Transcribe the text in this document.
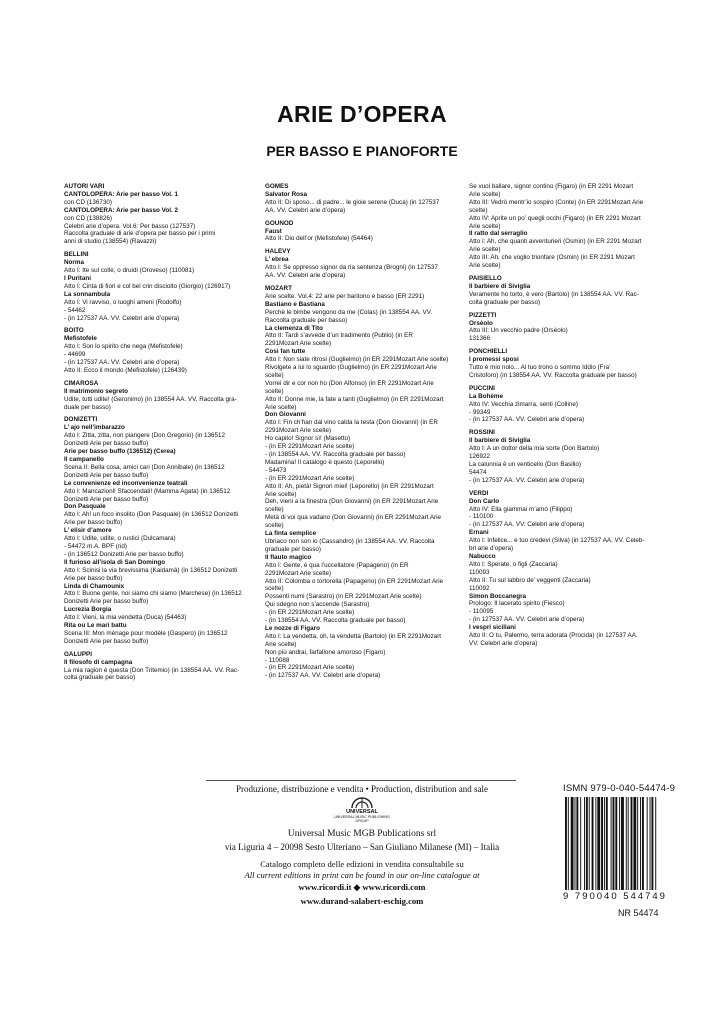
ARIE D’OPERA
PER BASSO E PIANOFORTE
AUTORI VARI
CANTOLOPERA: Arie per basso Vol. 1
con CD (136730)
CANTOLOPERA: Arie per basso Vol. 2
con CD (138826)
Celebri arie d’opera. Vol.6: Per basso (127537)
Raccolta graduale di arie d’opera per basso per i primi
anni di studio (138554) (Ravazzi)
BELLINI
Norma
Atto I: Ite sul colle, o druidi (Oroveso) (110081)
I Puritani
Atto I: Cinta di fiori e col bel crin disciolto (Giorgio) (126917)
La sonnambula
Atto I: Vi ravviso, o luoghi ameni (Rodolfo)
- 54462
- (in 127537 AA. VV. Celebri arie d’opera)
BOITO
Mefistofele
Atto I: Son lo spirito che nega (Mefistofele)
- 44699
- (in 127537 AA. VV. Celebri arie d’opera)
Atto II: Ecco il mondo (Mefistofele) (126439)
CIMAROSA
Il matrimonio segreto
Udite, tutti udite! (Geronimo) (in 138554 AA. VV. Raccolta gra-
duale per basso)
DONIZETTI
L’ ajo nell’imbarazzo
Atto I: Zitta, zitta, non piangere (Don Gregorio) (in 136512
Donizetti Arie per basso buffo)
Arie per basso buffo (136512) (Cerea)
Il campanello
Scena II: Bella cosa, amici cari (Don Annibale) (in 136512
Donizetti Arie per basso buffo)
Le convenienze ed inconvenienze teatrali
Atto I: Mancazionl! Sfaccendati! (Mamma Agata) (in 136512
Donizetti Arie per basso buffo)
Don Pasquale
Atto I: Ah! un foco insolito (Don Pasquale) (in 136512 Donizetti
Arie per basso buffo)
L’ elisir d’amore
Atto I: Udite, udite, o rustici (Dulcamara)
- 54472 m.A. BPF (rid)
- (in 136512 Donizetti Arie per basso buffo)
Il furioso all’isola di San Domingo
Atto I: Scinisi la via brevissima (Kaidamà) (in 136512 Donizetti
Arie per basso buffo)
Linda di Chamounix
Atto I: Buone gente, noi siamo chi siamo (Marchese) (in 136512
Donizetti Arie per basso buffo)
Lucrezia Borgia
Atto I: Vieni, la mia vendetta (Duca) (54463)
Rita ou Le mari battu
Scena III: Mon ménage pour modèle (Gaspero) (in 136512
Donizetti Arie per basso buffo)
GALUPPI
Il filosofo di campagna
La mia ragion è questa (Don Tritemio) (in 138554 AA. VV. Rac-
colta graduale per basso)
GOMES
Salvator Rosa
Atto II: Di sposo... di padre... le gioie serene (Duca) (in 127537
AA. VV. Celebri arie d’opera)
GOUNOD
Faust
Atto II: Dio dell’or (Mefistofele) (54464)
HALÉVY
L’ ebrea
Atto I: Se oppresso signor da ria sentenza (Brogni) (in 127537
AA. VV. Celebri arie d’opera)
MOZART
Arie scelte. Vol.4: 22 arie per baritono e basso (ER 2291)
Bastiano e Bastiana
Perchè le bimbe vengono da me (Colas) (in 138554 AA. VV.
Raccolta graduale per basso)
La clemenza di Tito
Atto II: Tardi s’avvede d’un tradimento (Publio) (in ER
2291Mozart Arie scelte)
Così fan tutte
Atto I: Non siate ritrosi (Guglielmo) (in ER 2291Mozart Arie scelte)
Rivolgete a lui lo sguardo (Guglielmo) (in ER 2291Mozart Arie
scelte)
Vorrei dir e cor non ho (Don Alfonso) (in ER 2291Mozart Arie
scelte)
Atto II: Donne mie, la fate a tanti (Guglielmo) (in ER 2291Mozart
Arie scelte)
Don Giovanni
Atto I: Fin ch’han dal vino calda la testa (Don Giovanni) (in ER
2291Mozart Arie scelte)
Ho capito! Signor sì! (Masetto)
- (in ER 2291Mozart Arie scelte)
- (in 138554 AA. VV. Raccolta graduale per basso)
Madamina! Il catalogo è questo (Leporello)
- 54473
- (in ER 2291Mozart Arie scelte)
Atto II: Ah, pietà! Signori miei! (Leporello) (in ER 2291Mozart
Arie scelte)
Deh, vieni a la finestra (Don Giovanni) (in ER 2291Mozart Arie
scelte)
Metà di voi qua vadano (Don Giovanni) (in ER 2291Mozart Arie
scelte)
La finta semplice
Ubriaco non son io (Cassandro) (in 138554 AA. VV. Raccolta
graduale per basso)
Il flauto magico
Atto I: Gente, è qua l’uccellatore (Papageno) (in ER
2291Mozart Arie scelte)
Atto II: Colomba o tortorella (Papageno) (in ER 2291Mozart Arie
scelte)
Possenti numi (Sarastro) (in ER 2291Mozart Arie scelte)
Qui sdegno non s’accende (Sarastro)
- (in ER 2291Mozart Arie scelte)
- (in 138554 AA. VV. Raccolta graduale per basso)
Le nozze di Figaro
Atto I: La vendetta, oh, la vendetta (Bartolo) (in ER 2291Mozart
Arie scelte)
Non più andrai, farfallone amoroso (Figaro)
- 110088
- (in ER 2291Mozart Arie scelte)
- (in 127537 AA. VV. Celebri arie d’opera)
Se vuol ballare, signor contino (Figaro) (in ER 2291 Mozart
Arie scelte)
Atto III: Vedrò mentr’io sospiro (Conte) (in ER 2291Mozart Arie
scelte)
Atto IV: Aprite un po’ quegli occhi (Figaro) (in ER 2291 Mozart
Arie scelte)
Il ratto dal serraglio
Atto I: Ah, che quanti avventurieri (Osmin) (in ER 2291 Mozart
Arie scelte)
Atto III: Ah, che voglio trionfare (Osmin) (in ER 2291 Mozart
Arie scelte)
PAISIELLO
Il barbiere di Siviglia
Veramente ho torto, è vero (Bartolo) (in 138554 AA. VV. Rac-
colta graduale per basso)
PIZZETTI
Orsèolo
Atto III: Un vecchio padre (Orsèolo)
131366
PONCHIELLI
I promessi sposi
Tutto è mio nolo... Al tuo trono o sommo Iddio (Fra’
Cristoforo) (in 138554 AA. VV. Raccolta graduale per basso)
PUCCINI
La Bohème
Atto IV: Vecchia zimarra, senti (Colline)
- 99349
- (in 127537 AA. VV. Celebri arie d’opera)
ROSSINI
Il barbiere di Siviglia
Atto I: A un dottor della mia sorte (Don Bartolo)
126922
La calunnia è un venticello (Don Basilio)
54474
- (in 127537 AA. VV. Celebri arie d’opera)
VERDI
Don Carlo
Atto IV: Ella giammai m’amò (Filippo)
- 110100
- (in 127537 AA. VV. Celebri arie d’opera)
Ernani
Atto I: Infelice... e tuo credevi (Silva) (in 127537 AA. VV. Celeb-
bri arie d’opera)
Nabucco
Atto I: Sperate, o figli (Zaccaria)
110093
Atto II: Tu sul labbro de’ veggenti (Zaccaria)
110092
Simon Boccanegra
Prologo: Il lacerato spirito (Fiesco)
- 110095
- (in 127537 AA. VV. Celebri arie d’opera)
I vespri siciliani
Atto II: O tu, Palermo, terra adorata (Procida) (in 127537 AA.
VV. Celebri arie d’opera)
Produzione, distribuzione e vendita • Production, distribution and sale
UNIVERSAL
UNIVERSAL MUSIC PUBLISHING GROUP
Universal Music MGB Publications srl
via Liguria 4 – 20098 Sesto Ulteriano – San Giuliano Milanese (MI) – Italia
Catalogo completo delle edizioni in vendita consultabile su
All current editions in print can be found in our on-line catalogue at
www.ricordi.it ◆ www.ricordi.com
www.durand-salabert-eschig.com
ISMN 979-0-040-54474-9
9 790040 544749
NR 54474
